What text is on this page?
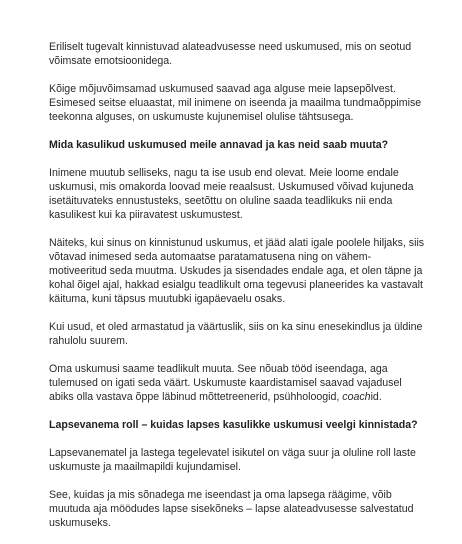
Eriliselt tugevalt kinnistuvad alateadvusesse need uskumused, mis on seotud võimsate emotsioonidega.

Kõige mõjuvõimsamad uskumused saavad aga alguse meie lapsepõlvest. Esimesed seitse eluaastat, mil inimene on iseenda ja maailma tundmaõppimise teekonna alguses, on uskumuste kujunemisel olulise tähtsusega.

Mida kasulikud uskumused meile annavad ja kas neid saab muuta?

Inimene muutub selliseks, nagu ta ise usub end olevat. Meie loome endale uskumusi, mis omakorda loovad meie reaalsust. Uskumused võivad kujuneda isetäituvateks ennustusteks, seetõttu on oluline saada teadlikuks nii enda kasulikest kui ka piiravatest uskumustest.

Näiteks, kui sinus on kinnistunud uskumus, et jääd alati igale poolele hiljaks, siis võtavad inimesed seda automaatse paratamatusena ning on vähem-motiveeritud seda muutma. Uskudes ja sisendades endale aga, et olen täpne ja kohal õigel ajal, hakkad esialgu teadlikult oma tegevusi planeerides ka vastavalt käituma, kuni täpsus muutubki igapäevaelu osaks.

Kui usud, et oled armastatud ja väärtuslik, siis on ka sinu enesekindlus ja üldine rahulolu suurem.

Oma uskumusi saame teadlikult muuta. See nõuab tööd iseendaga, aga tulemused on igati seda väärt. Uskumuste kaardistamisel saavad vajadusel abiks olla vastava õppe läbinud mõttetreenerid, psühholoogid, coachid.

Lapsevanema roll – kuidas lapses kasulikke uskumusi veelgi kinnistada?

Lapsevanematel ja lastega tegelevatel isikutel on väga suur ja oluline roll laste uskumuste ja maailmapildi kujundamisel.

See, kuidas ja mis sõnadega me iseendast ja oma lapsega räägime, võib muutuda aja möödudes lapse sisekõneks – lapse alateadvusesse salvestatud uskumuseks.
